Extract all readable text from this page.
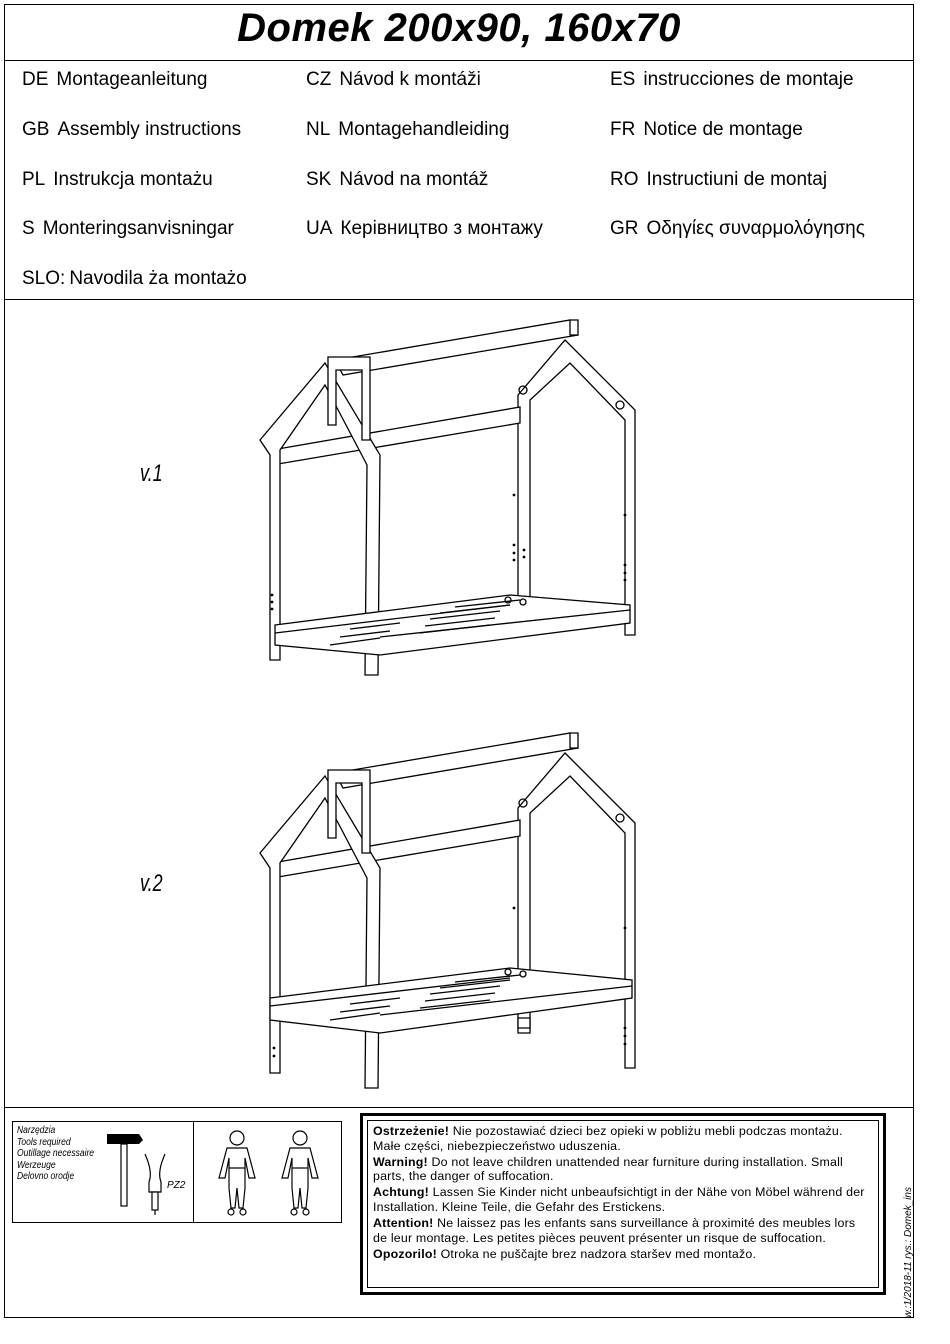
Domek 200x90, 160x70
DE Montageanleitung	CZ Návod k montáži	ES instrucciones de montaje
GB Assembly instructions	NL Montagehandleiding	FR Notice de montage
PL Instrukcja montażu	SK Návod na montáž	RO Instructiuni de montaj
S Monteringsanvisningar	UA Керівництво з монтажу	GR Οδηγίες συναρμολόγησης
SLO: Navodila ża montażo
v.1
v.2
Narzędzia
Tools required
Outillage necessaire
Werzeuge
Delovno orodje
PZ2

Ostrzeżenie! Nie pozostawiać dzieci bez opieki w pobliżu mebli podczas montażu. Małe części, niebezpieczeństwo uduszenia.

Warning! Do not leave children unattended near furniture during installation. Small parts, the danger of suffocation.

Achtung! Lassen Sie Kinder nicht unbeaufsichtigt in der Nähe von Möbel während der Installation. Kleine Teile, die Gefahr des Erstickens.

Attention! Ne laissez pas les enfants sans surveillance à proximité des meubles lors de leur montage. Les petites pièces peuvent présenter un risque de suffocation.

Opozorilo! Otroka ne puščajte brez nadzora staršev med montažo.	w.:1/2018-11 rys.: Domek_ins
